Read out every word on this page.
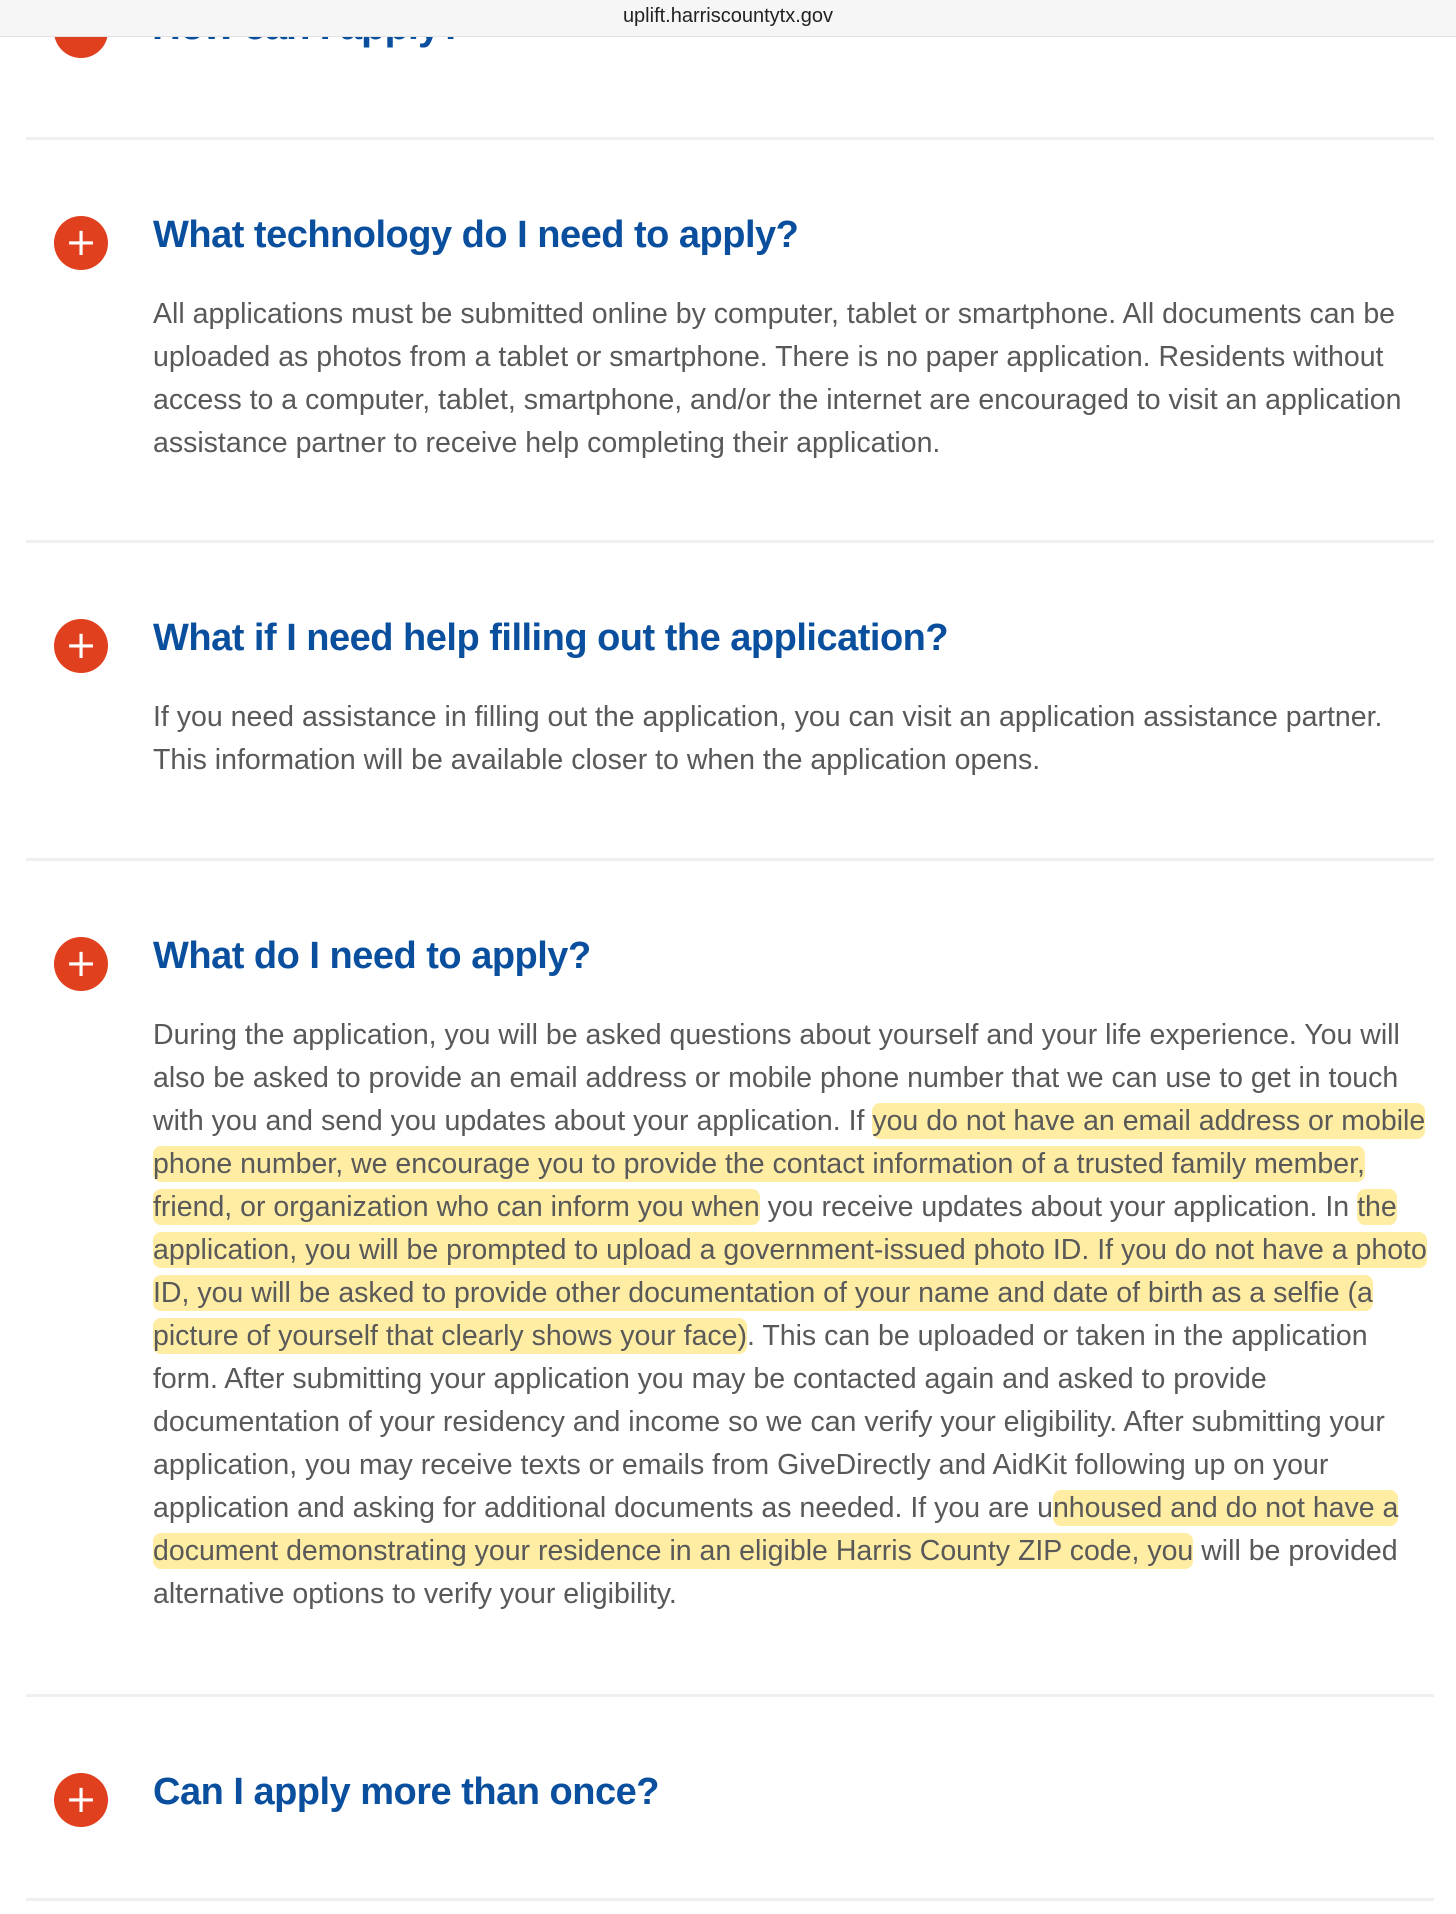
uplift.harriscountytx.gov
+ What technology do I need to apply?

All applications must be submitted online by computer, tablet or smartphone. All documents can be uploaded as photos from a tablet or smartphone. There is no paper application. Residents without access to a computer, tablet, smartphone, and/or the internet are encouraged to visit an application assistance partner to receive help completing their application.

+ What if I need help filling out the application?

If you need assistance in filling out the application, you can visit an application assistance partner. This information will be available closer to when the application opens.

+ What do I need to apply?

During the application, you will be asked questions about yourself and your life experience. You will also be asked to provide an email address or mobile phone number that we can use to get in touch with you and send you updates about your application. If you do not have an email address or mobile phone number, we encourage you to provide the contact information of a trusted family member, friend, or organization who can inform you when you receive updates about your application. In the application, you will be prompted to upload a government-issued photo ID. If you do not have a photo ID, you will be asked to provide other documentation of your name and date of birth as a selfie (a picture of yourself that clearly shows your face). This can be uploaded or taken in the application form. After submitting your application you may be contacted again and asked to provide documentation of your residency and income so we can verify your eligibility. After submitting your application, you may receive texts or emails from GiveDirectly and AidKit following up on your application and asking for additional documents as needed. If you are unhoused and do not have a document demonstrating your residence in an eligible Harris County ZIP code, you will be provided alternative options to verify your eligibility.

+ Can I apply more than once?
